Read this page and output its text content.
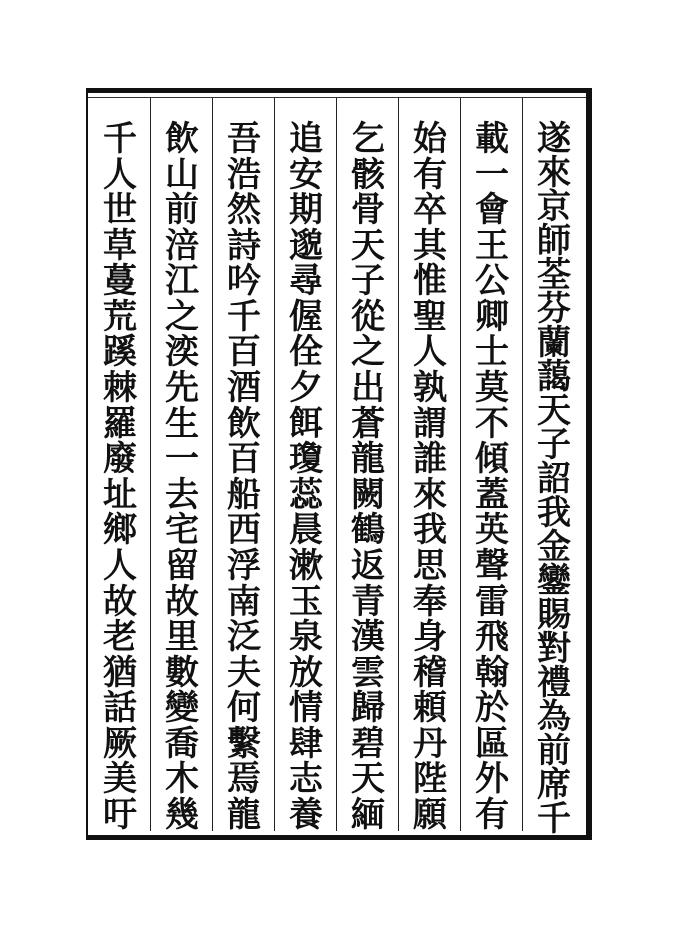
遂
來
京
師
荃
芬
蘭
藹
天
子
詔
我
金
鑾
賜
對
禮
為
前
席
千
載
一
會
王
公
卿
士
莫
不
傾
蓋
英
聲
雷
飛
翰
於
區
外
有
始
有
卒
其
惟
聖
人
孰
謂
誰
來
我
思
奉
身
稽
頼
丹
陛
願
乞
骸
骨
天
子
從
之
出
蒼
龍
闕
鶴
返
青
漢
雲
歸
碧
天
緬
追
安
期
邈
尋
偓
佺
夕
餌
瓊
蕊
晨
漱
玉
泉
放
情
肆
志
養
吾
浩
然
詩
吟
千
百
酒
飲
百
船
西
浮
南
泛
夫
何
繫
焉
龍
飲
山
前
涪
江
之
湙
先
生
一
去
宅
留
故
里
數
變
喬
木
幾
千
人
世
草
蔓
荒
蹊
棘
羅
廢
址
鄉
人
故
老
猶
話
厥
美
吁
